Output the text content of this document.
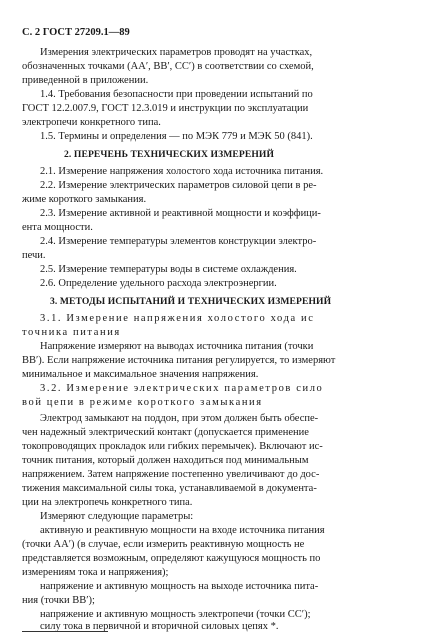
С. 2 ГОСТ 27209.1—89
Измерения электрических параметров проводят на участках,
обозначенных точками (AA′, BB′, CC′) в соответствии со схемой,
приведенной в приложении.
1.4. Требования безопасности при проведении испытаний по
ГОСТ 12.2.007.9, ГОСТ 12.3.019 и инструкции по эксплуатации
электропечи конкретного типа.
1.5. Термины и определения — по МЭК 779 и МЭК 50 (841).
2. ПЕРЕЧЕНЬ ТЕХНИЧЕСКИХ ИЗМЕРЕНИЙ
2.1. Измерение напряжения холостого хода источника питания.
2.2. Измерение электрических параметров силовой цепи в ре-
жиме короткого замыкания.
2.3. Измерение активной и реактивной мощности и коэффици-
ента мощности.
2.4. Измерение температуры элементов конструкции электро-
печи.
2.5. Измерение температуры воды в системе охлаждения.
2.6. Определение удельного расхода электроэнергии.
3. МЕТОДЫ ИСПЫТАНИЙ И ТЕХНИЧЕСКИХ ИЗМЕРЕНИЙ
3.1. Измерение напряжения холостого хода ис
точника питания
Напряжение измеряют на выводах источника питания (точки
BB′). Если напряжение источника питания регулируется, то измеряют
минимальное и максимальное значения напряжения.
3.2. Измерение электрических параметров сило
вой цепи в режиме короткого замыкания
Электрод замыкают на поддон, при этом должен быть обеспе-
чен надежный электрический контакт (допускается применение
токопроводящих прокладок или гибких перемычек). Включают ис-
точник питания, который должен находиться под минимальным
напряжением. Затем напряжение постепенно увеличивают до дос-
тижения максимальной силы тока, устанавливаемой в документа-
ции на электропечь конкретного типа.
Измеряют следующие параметры:
активную и реактивную мощности на входе источника питания
(точки AA′) (в случае, если измерить реактивную мощность не
представляется возможным, определяют кажущуюся мощность по
измерениям тока и напряжения);
напряжение и активную мощность на выходе источника пита-
ния (точки BB′);
напряжение и активную мощность электропечи (точки CC′);
силу тока в первичной и вторичной силовых цепях *.
